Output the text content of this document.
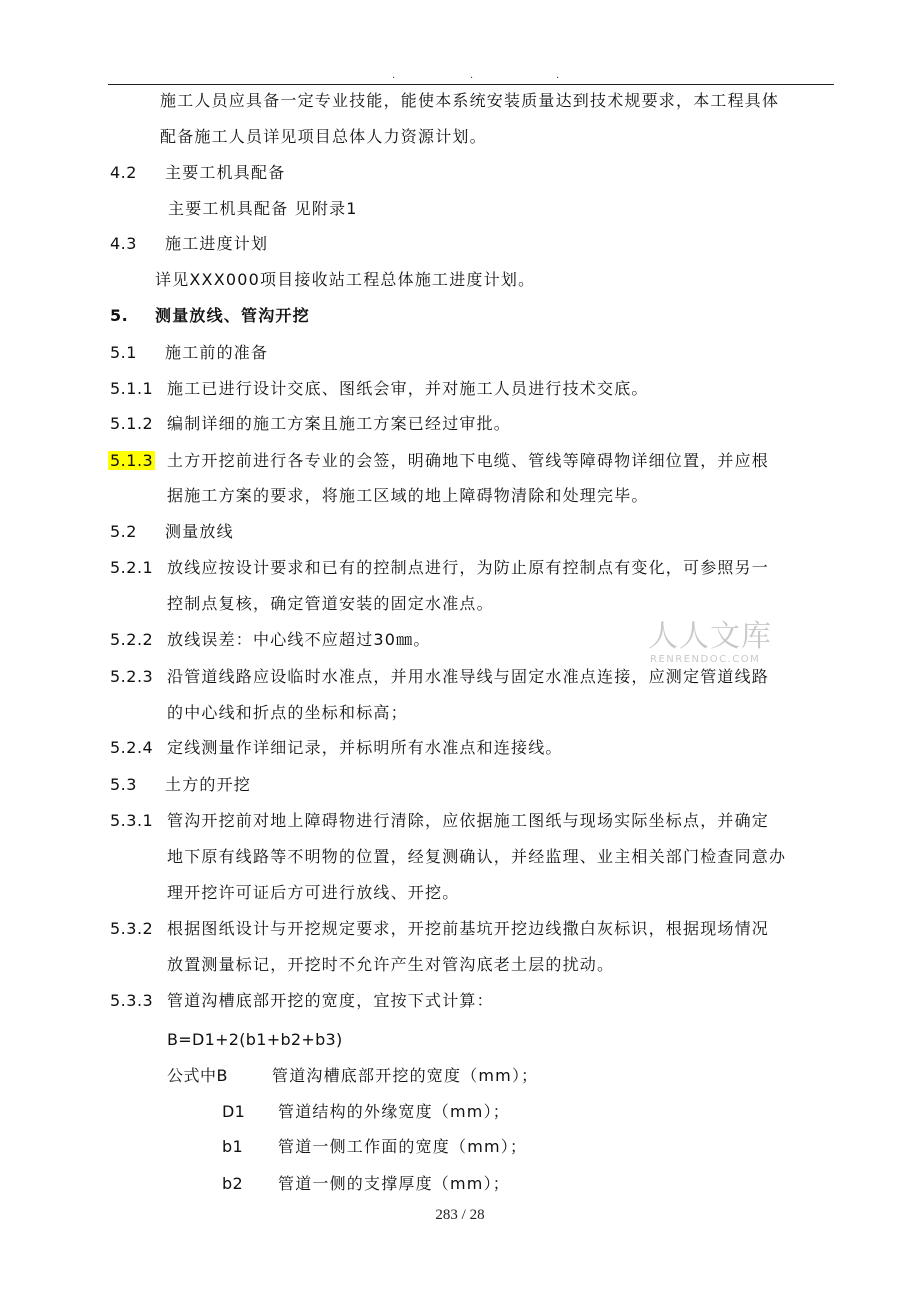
.	.	.
施工人员应具备一定专业技能，能使本系统安装质量达到技术规要求，本工程具体
配备施工人员详见项目总体人力资源计划。
4.2 主要工机具配备
主要工机具配备 见附录1
4.3 施工进度计划
详见XXX000项目接收站工程总体施工进度计划。
5. 测量放线、管沟开挖
5.1 施工前的准备
5.1.1 施工已进行设计交底、图纸会审，并对施工人员进行技术交底。
5.1.2 编制详细的施工方案且施工方案已经过审批。
5.1.3 土方开挖前进行各专业的会签，明确地下电缆、管线等障碍物详细位置，并应根
据施工方案的要求，将施工区域的地上障碍物清除和处理完毕。
5.2 测量放线
5.2.1 放线应按设计要求和已有的控制点进行，为防止原有控制点有变化，可参照另一
控制点复核，确定管道安装的固定水准点。
5.2.2 放线误差：中心线不应超过30㎜。
5.2.3 沿管道线路应设临时水准点，并用水准导线与固定水准点连接，应测定管道线路
的中心线和折点的坐标和标高；
5.2.4 定线测量作详细记录，并标明所有水准点和连接线。
5.3 土方的开挖
5.3.1 管沟开挖前对地上障碍物进行清除，应依据施工图纸与现场实际坐标点，并确定
地下原有线路等不明物的位置，经复测确认，并经监理、业主相关部门检查同意办
理开挖许可证后方可进行放线、开挖。
5.3.2 根据图纸设计与开挖规定要求，开挖前基坑开挖边线撒白灰标识，根据现场情况
放置测量标记，开挖时不允许产生对管沟底老土层的扰动。
5.3.3 管道沟槽底部开挖的宽度，宜按下式计算：
B=D1+2(b1+b2+b3)
公式中B	管道沟槽底部开挖的宽度（mm）；
D1 管道结构的外缘宽度（mm）；
b1 管道一侧工作面的宽度（mm）；
b2 管道一侧的支撑厚度（mm）；
人人文库
RENRENDOC.COM
283 / 28
